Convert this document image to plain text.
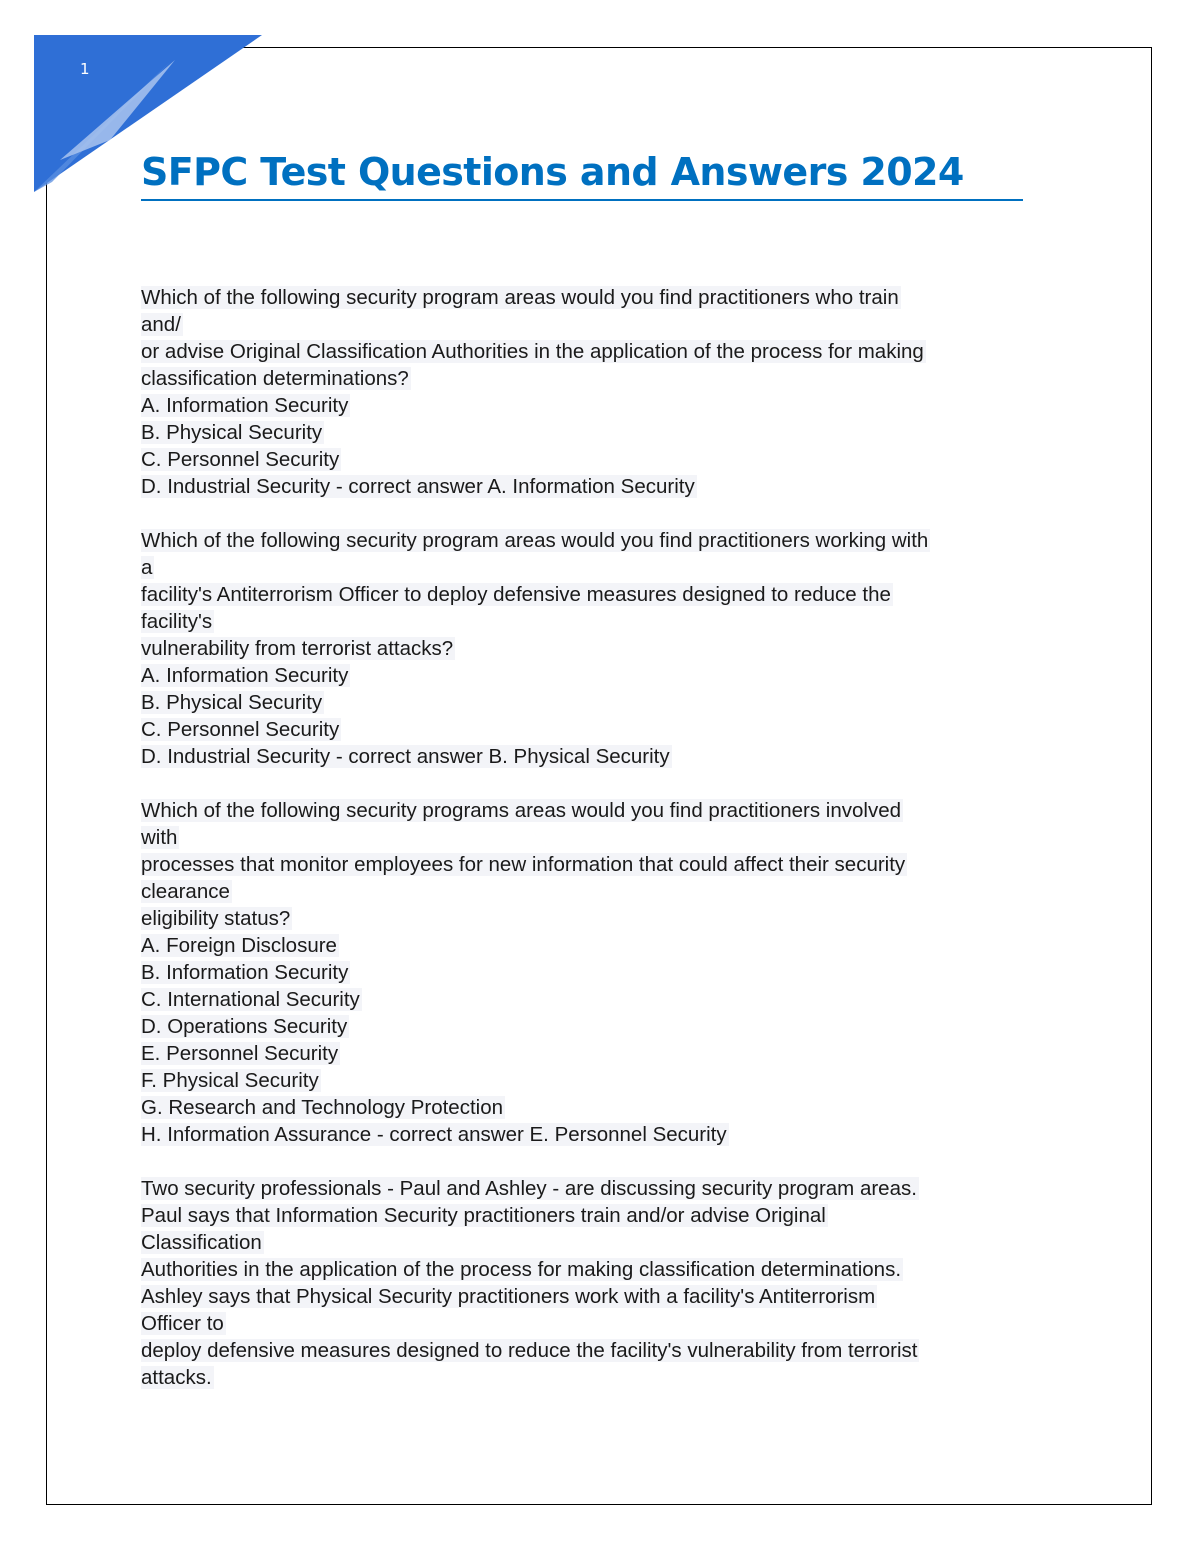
1
SFPC Test Questions and Answers 2024
Which of the following security program areas would you find practitioners who train
and/
or advise Original Classification Authorities in the application of the process for making
classification determinations?
A. Information Security
B. Physical Security
C. Personnel Security
D. Industrial Security - correct answer A. Information Security
Which of the following security program areas would you find practitioners working with
a
facility's Antiterrorism Officer to deploy defensive measures designed to reduce the
facility's
vulnerability from terrorist attacks?
A. Information Security
B. Physical Security
C. Personnel Security
D. Industrial Security - correct answer B. Physical Security
Which of the following security programs areas would you find practitioners involved
with
processes that monitor employees for new information that could affect their security
clearance
eligibility status?
A. Foreign Disclosure
B. Information Security
C. International Security
D. Operations Security
E. Personnel Security
F. Physical Security
G. Research and Technology Protection
H. Information Assurance - correct answer E. Personnel Security
Two security professionals - Paul and Ashley - are discussing security program areas.
Paul says that Information Security practitioners train and/or advise Original
Classification
Authorities in the application of the process for making classification determinations.
Ashley says that Physical Security practitioners work with a facility's Antiterrorism
Officer to
deploy defensive measures designed to reduce the facility's vulnerability from terrorist
attacks.
